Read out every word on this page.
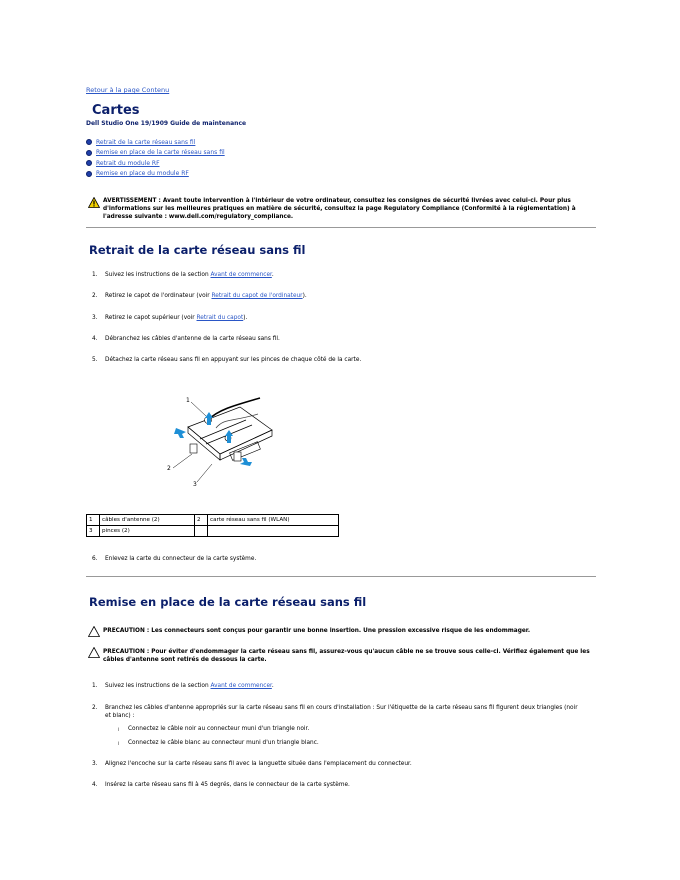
Retour à la page Contenu
Cartes
Dell Studio One 19/1909 Guide de maintenance
Retrait de la carte réseau sans fil
Remise en place de la carte réseau sans fil
Retrait du module RF
Remise en place du module RF
AVERTISSEMENT : Avant toute intervention à l'intérieur de votre ordinateur, consultez les consignes de sécurité livrées avec celui-ci. Pour plus d'informations sur les meilleures pratiques en matière de sécurité, consultez la page Regulatory Compliance (Conformité à la réglementation) à l'adresse suivante : www.dell.com/regulatory_compliance.
Retrait de la carte réseau sans fil
1.	Suivez les instructions de la section Avant de commencer.
2.	Retirez le capot de l'ordinateur (voir Retrait du capot de l'ordinateur).
3.	Retirez le capot supérieur (voir Retrait du capot).
4.	Débranchez les câbles d'antenne de la carte réseau sans fil.
5.	Détachez la carte réseau sans fil en appuyant sur les pinces de chaque côté de la carte.
1
2
3
1	câbles d'antenne (2)	2	carte réseau sans fil (WLAN)
3	pinces (2)		
6.	Enlevez la carte du connecteur de la carte système.
Remise en place de la carte réseau sans fil
PRECAUTION : Les connecteurs sont conçus pour garantir une bonne insertion. Une pression excessive risque de les endommager.
PRECAUTION : Pour éviter d'endommager la carte réseau sans fil, assurez-vous qu'aucun câble ne se trouve sous celle-ci. Vérifiez également que les câbles d'antenne sont retirés de dessous la carte.
1.	Suivez les instructions de la section Avant de commencer.
2.	Branchez les câbles d'antenne appropriés sur la carte réseau sans fil en cours d'installation : Sur l'étiquette de la carte réseau sans fil figurent deux triangles (noir et blanc) :
l	Connectez le câble noir au connecteur muni d'un triangle noir.
l	Connectez le câble blanc au connecteur muni d'un triangle blanc.
3.	Alignez l'encoche sur la carte réseau sans fil avec la languette située dans l'emplacement du connecteur.
4.	Insérez la carte réseau sans fil à 45 degrés, dans le connecteur de la carte système.
